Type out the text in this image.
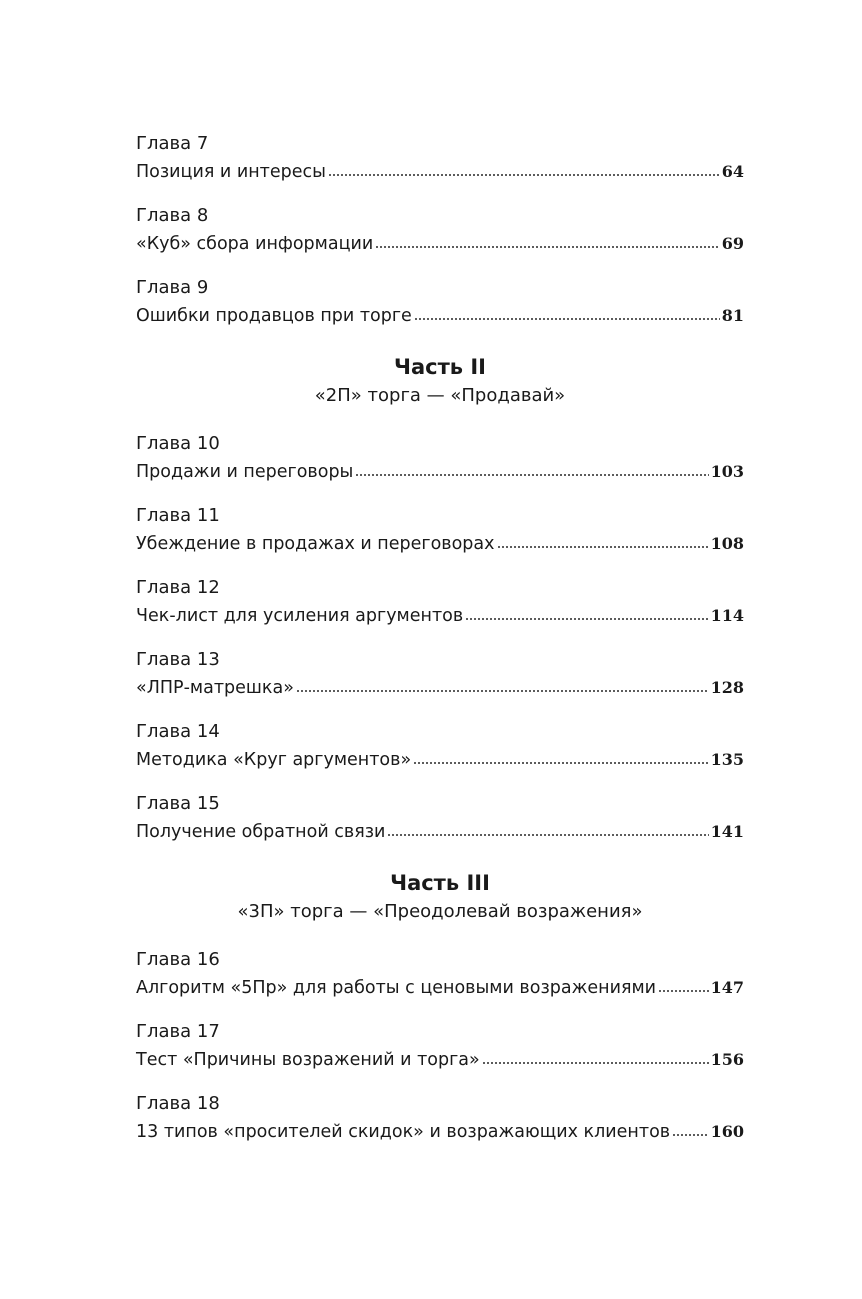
Глава 7
Позиция и интересы	64
Глава 8
«Куб» сбора информации	69
Глава 9
Ошибки продавцов при торге	81
Часть II
«2П» торга — «Продавай»
Глава 10
Продажи и переговоры	103
Глава 11
Убеждение в продажах и переговорах	108
Глава 12
Чек-лист для усиления аргументов	114
Глава 13
«ЛПР-матрешка»	128
Глава 14
Методика «Круг аргументов»	135
Глава 15
Получение обратной связи	141
Часть III
«3П» торга — «Преодолевай возражения»
Глава 16
Алгоритм «5Пр» для работы с ценовыми возражениями	147
Глава 17
Тест «Причины возражений и торга»	156
Глава 18
13 типов «просителей скидок» и возражающих клиентов	160
